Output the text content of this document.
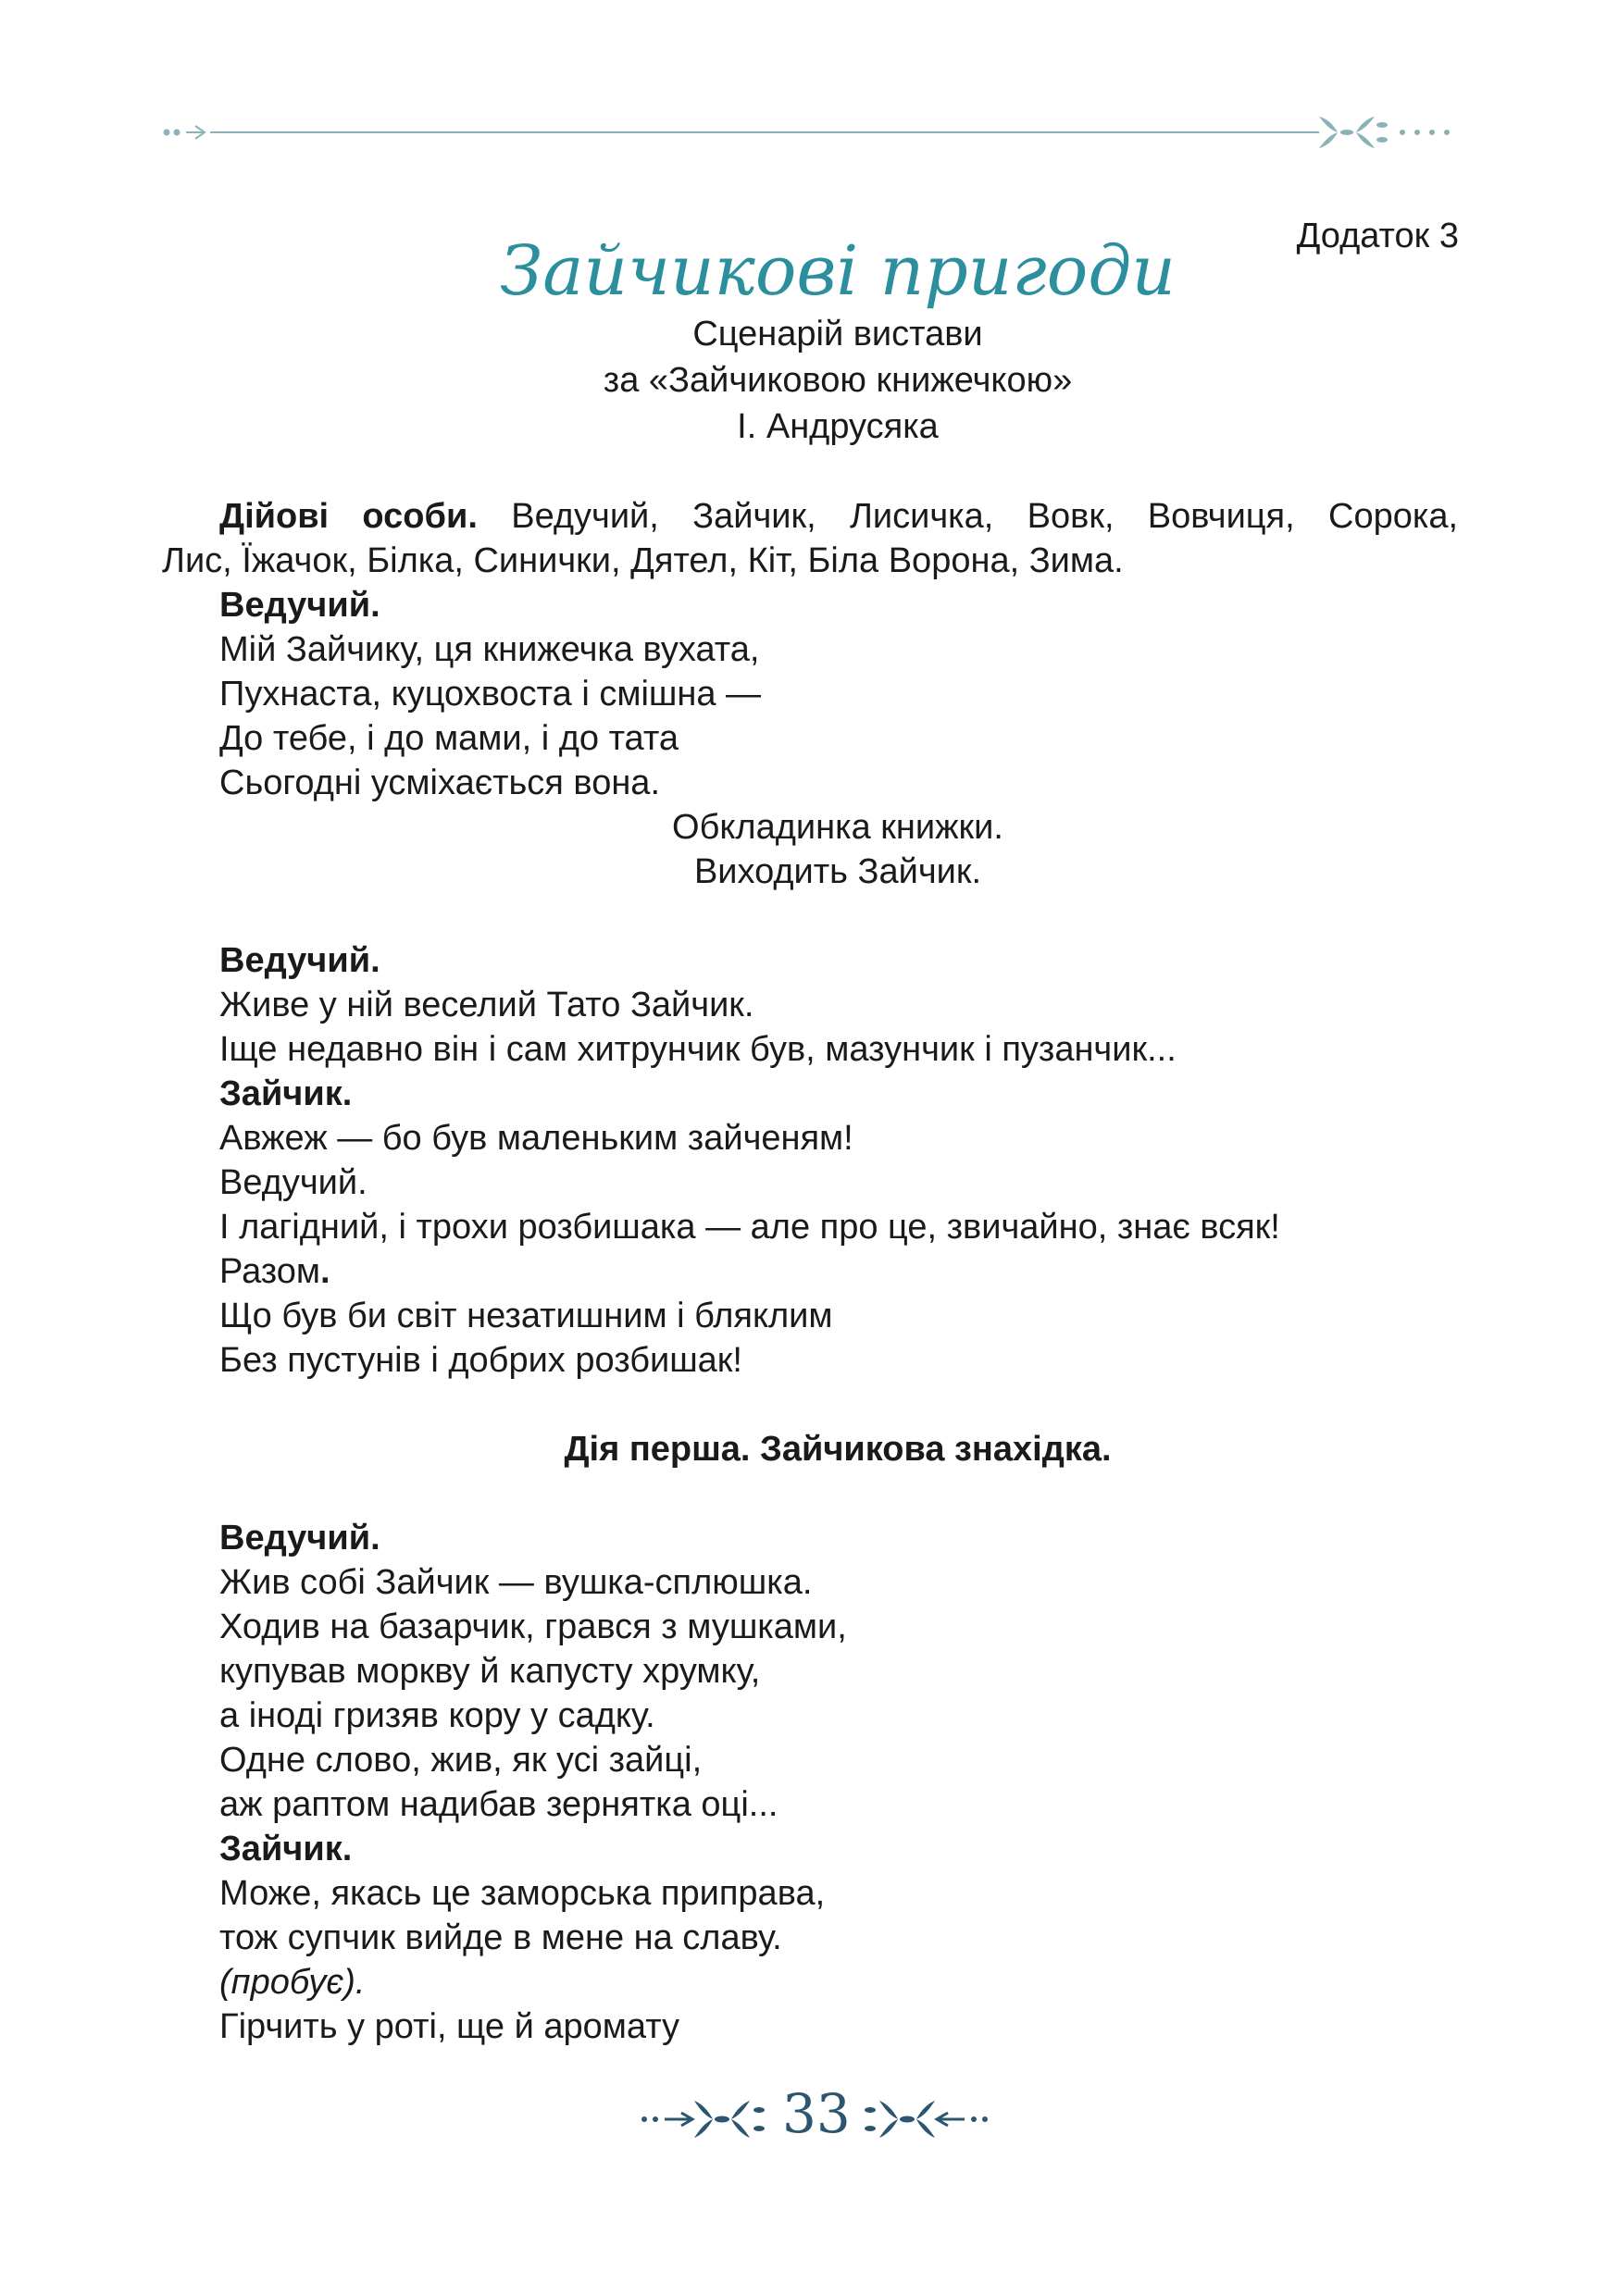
Додаток 3
Зайчикові пригоди
Сценарій вистави
за «Зайчиковою книжечкою»
І. Андрусяка
Дійові особи. Ведучий, Зайчик, Лисичка, Вовк, Вовчиця, Сорока,
Лис, Їжачок, Білка, Синички, Дятел, Кіт, Біла Ворона, Зима.
Ведучий.
Мій Зайчику, ця книжечка вухата,
Пухнаста, куцохвоста і смішна —
До тебе, і до мами, і до тата
Сьогодні усміхається вона.
Обкладинка книжки.
Виходить Зайчик.
Ведучий.
Живе у ній веселий Тато Зайчик.
Іще недавно він і сам хитрунчик був, мазунчик і пузанчик...
Зайчик.
Авжеж — бо був маленьким зайченям!
Ведучий.
І лагідний, і трохи розбишака — але про це, звичайно, знає всяк!
Разом.
Що був би світ незатишним і бляклим
Без пустунів і добрих розбишак!
Дія перша. Зайчикова знахідка.
Ведучий.
Жив собі Зайчик — вушка-сплюшка.
Ходив на базарчик, грався з мушками,
купував моркву й капусту хрумку,
а іноді гризяв кору у садку.
Одне слово, жив, як усі зайці,
аж раптом надибав зернятка оці...
Зайчик.
Може, якась це заморська приправа,
тож супчик вийде в мене на славу.
(пробує).
Гірчить у роті, ще й аромату
33
